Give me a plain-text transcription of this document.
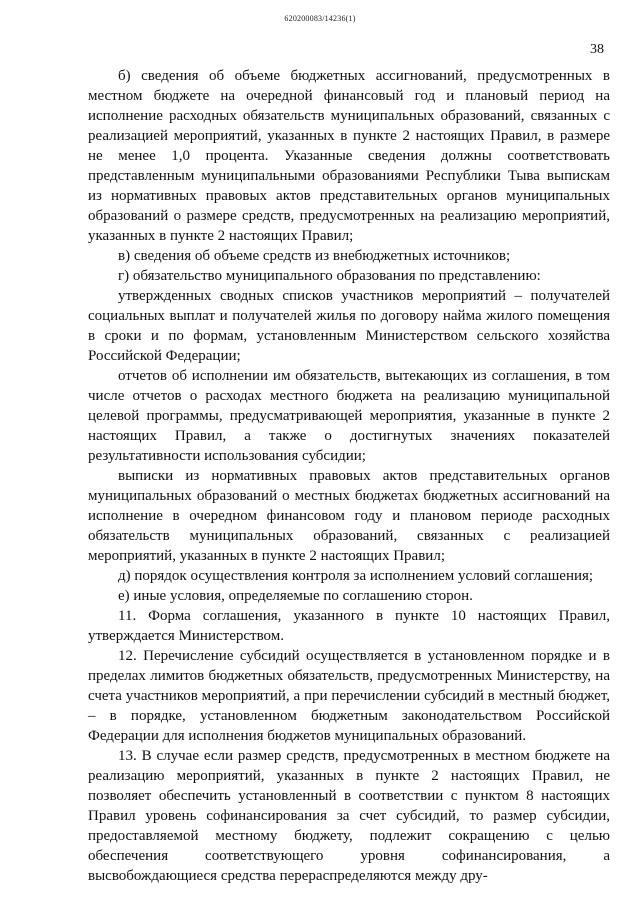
620200083/14236(1)
38

б) сведения об объеме бюджетных ассигнований, предусмотренных в местном бюджете на очередной финансовый год и плановый период на исполнение расходных обязательств муниципальных образований, связанных с реализацией мероприятий, указанных в пункте 2 настоящих Правил, в размере не менее 1,0 процента. Указанные сведения должны соответствовать представленным муниципальными образованиями Республики Тыва выпискам из нормативных правовых актов представительных органов муниципальных образований о размере средств, предусмотренных на реализацию мероприятий, указанных в пункте 2 настоящих Правил;

в) сведения об объеме средств из внебюджетных источников;

г) обязательство муниципального образования по представлению:

утвержденных сводных списков участников мероприятий – получателей социальных выплат и получателей жилья по договору найма жилого помещения в сроки и по формам, установленным Министерством сельского хозяйства Российской Федерации;

отчетов об исполнении им обязательств, вытекающих из соглашения, в том числе отчетов о расходах местного бюджета на реализацию муниципальной целевой программы, предусматривающей мероприятия, указанные в пункте 2 настоящих Правил, а также о достигнутых значениях показателей результативности использования субсидии;

выписки из нормативных правовых актов представительных органов муниципальных образований о местных бюджетах бюджетных ассигнований на исполнение в очередном финансовом году и плановом периоде расходных обязательств муниципальных образований, связанных с реализацией мероприятий, указанных в пункте 2 настоящих Правил;

д) порядок осуществления контроля за исполнением условий соглашения;

е) иные условия, определяемые по соглашению сторон.

11. Форма соглашения, указанного в пункте 10 настоящих Правил, утверждается Министерством.

12. Перечисление субсидий осуществляется в установленном порядке и в пределах лимитов бюджетных обязательств, предусмотренных Министерству, на счета участников мероприятий, а при перечислении субсидий в местный бюджет, – в порядке, установленном бюджетным законодательством Российской Федерации для исполнения бюджетов муниципальных образований.

13. В случае если размер средств, предусмотренных в местном бюджете на реализацию мероприятий, указанных в пункте 2 настоящих Правил, не позволяет обеспечить установленный в соответствии с пунктом 8 настоящих Правил уровень софинансирования за счет субсидий, то размер субсидии, предоставляемой местному бюджету, подлежит сокращению с целью обеспечения соответствующего уровня софинансирования, а высвобождающиеся средства перераспределяются между дру-
